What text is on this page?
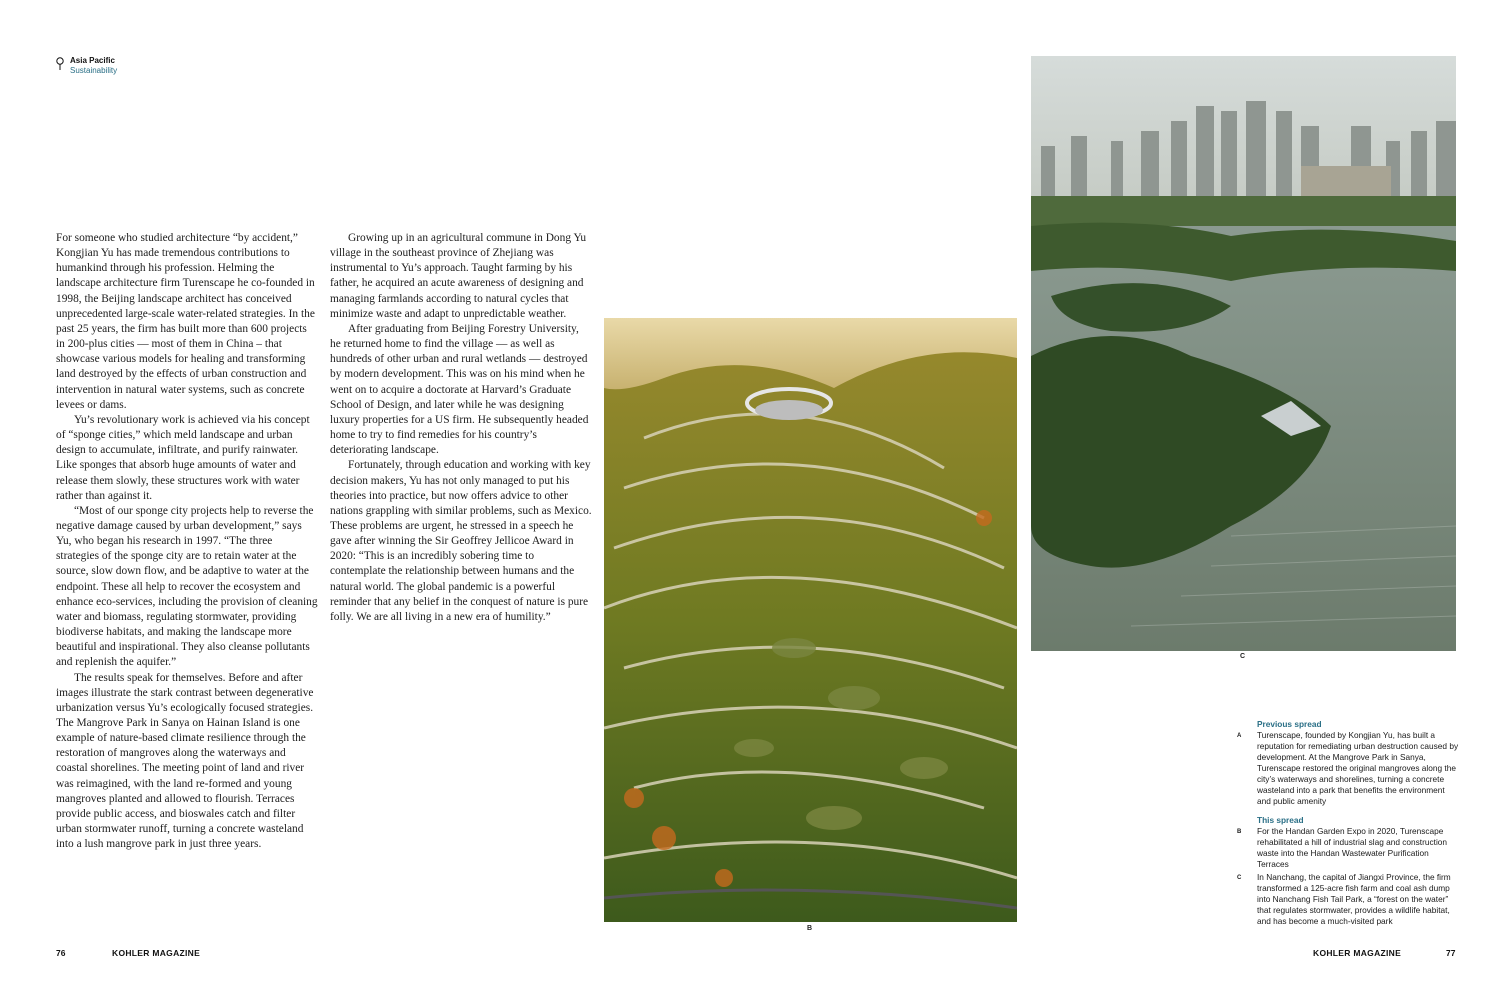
Asia Pacific
Sustainability

For someone who studied architecture “by accident,” Kongjian Yu has made tremendous contributions to humankind through his profession. Helming the landscape architecture firm Turenscape he co-founded in 1998, the Beijing landscape architect has conceived unprecedented large-scale water-related strategies. In the past 25 years, the firm has built more than 600 projects in 200-plus cities — most of them in China – that showcase various models for healing and transforming land destroyed by the effects of urban construction and intervention in natural water systems, such as concrete levees or dams.

Yu’s revolutionary work is achieved via his concept of “sponge cities,” which meld landscape and urban design to accumulate, infiltrate, and purify rainwater. Like sponges that absorb huge amounts of water and release them slowly, these structures work with water rather than against it.

“Most of our sponge city projects help to reverse the negative damage caused by urban development,” says Yu, who began his research in 1997. “The three strategies of the sponge city are to retain water at the source, slow down flow, and be adaptive to water at the endpoint. These all help to recover the ecosystem and enhance eco-services, including the provision of cleaning water and biomass, regulating stormwater, providing biodiverse habitats, and making the landscape more beautiful and inspirational. They also cleanse pollutants and replenish the aquifer.”

The results speak for themselves. Before and after images illustrate the stark contrast between degenerative urbanization versus Yu’s ecologically focused strategies. The Mangrove Park in Sanya on Hainan Island is one example of nature-based climate resilience through the restoration of mangroves along the waterways and coastal shorelines. The meeting point of land and river was reimagined, with the land re-formed and young mangroves planted and allowed to flourish. Terraces provide public access, and bioswales catch and filter urban stormwater runoff, turning a concrete wasteland into a lush mangrove park in just three years.

Growing up in an agricultural commune in Dong Yu village in the southeast province of Zhejiang was instrumental to Yu’s approach. Taught farming by his father, he acquired an acute awareness of designing and managing farmlands according to natural cycles that minimize waste and adapt to unpredictable weather.

After graduating from Beijing Forestry University, he returned home to find the village — as well as hundreds of other urban and rural wetlands — destroyed by modern development. This was on his mind when he went on to acquire a doctorate at Harvard’s Graduate School of Design, and later while he was designing luxury properties for a US firm. He subsequently headed home to try to find remedies for his country’s deteriorating landscape.

Fortunately, through education and working with key decision makers, Yu has not only managed to put his theories into practice, but now offers advice to other nations grappling with similar problems, such as Mexico. These problems are urgent, he stressed in a speech he gave after winning the Sir Geoffrey Jellicoe Award in 2020: “This is an incredibly sobering time to contemplate the relationship between humans and the natural world. The global pandemic is a powerful reminder that any belief in the conquest of nature is pure folly. We are all living in a new era of humility.”

B
C
Previous spread
A Turenscape, founded by Kongjian Yu, has built a reputation for remediating urban destruction caused by development. At the Mangrove Park in Sanya, Turenscape restored the original mangroves along the city’s waterways and shorelines, turning a concrete wasteland into a park that benefits the environment and public amenity
This spread
B For the Handan Garden Expo in 2020, Turenscape rehabilitated a hill of industrial slag and construction waste into the Handan Wastewater Purification Terraces
C In Nanchang, the capital of Jiangxi Province, the firm transformed a 125-acre fish farm and coal ash dump into Nanchang Fish Tail Park, a “forest on the water” that regulates stormwater, provides a wildlife habitat, and has become a much-visited park
76	KOHLER MAGAZINE	KOHLER MAGAZINE	77
